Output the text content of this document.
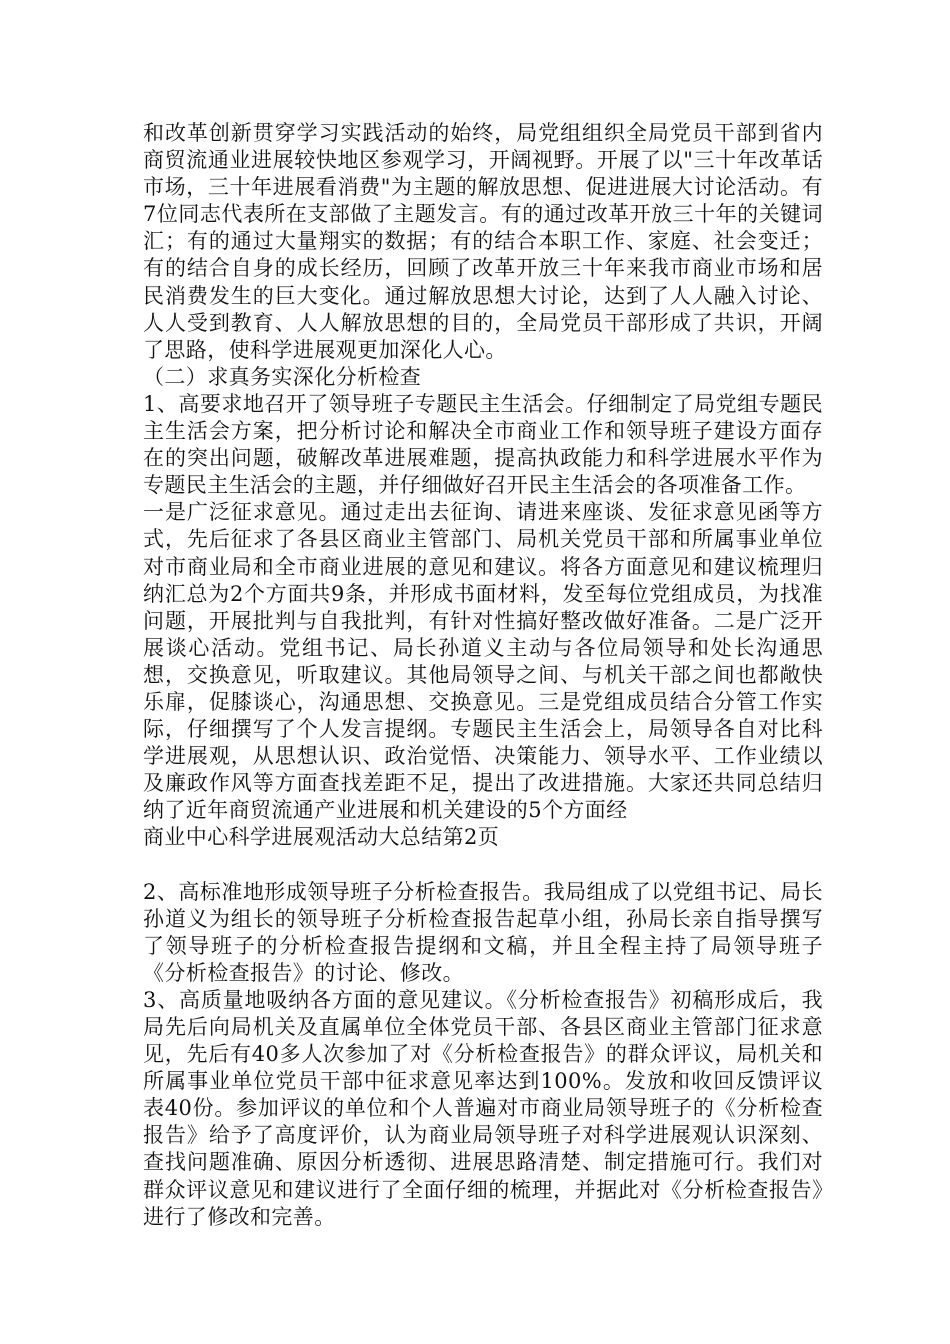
和改革创新贯穿学习实践活动的始终，局党组组织全局党员干部到省内商贸流通业进展较快地区参观学习，开阔视野。开展了以"三十年改革话市场，三十年进展看消费"为主题的解放思想、促进进展大讨论活动。有7位同志代表所在支部做了主题发言。有的通过改革开放三十年的关键词汇；有的通过大量翔实的数据；有的结合本职工作、家庭、社会变迁；有的结合自身的成长经历，回顾了改革开放三十年来我市商业市场和居民消费发生的巨大变化。通过解放思想大讨论，达到了人人融入讨论、人人受到教育、人人解放思想的目的，全局党员干部形成了共识，开阔了思路，使科学进展观更加深化人心。

（二）求真务实深化分析检查

1、高要求地召开了领导班子专题民主生活会。仔细制定了局党组专题民主生活会方案，把分析讨论和解决全市商业工作和领导班子建设方面存在的突出问题，破解改革进展难题，提高执政能力和科学进展水平作为专题民主生活会的主题，并仔细做好召开民主生活会的各项准备工作。

一是广泛征求意见。通过走出去征询、请进来座谈、发征求意见函等方式，先后征求了各县区商业主管部门、局机关党员干部和所属事业单位对市商业局和全市商业进展的意见和建议。将各方面意见和建议梳理归纳汇总为2个方面共9条，并形成书面材料，发至每位党组成员，为找准问题，开展批判与自我批判，有针对性搞好整改做好准备。二是广泛开展谈心活动。党组书记、局长孙道义主动与各位局领导和处长沟通思想，交换意见，听取建议。其他局领导之间、与机关干部之间也都敞快乐扉，促膝谈心，沟通思想、交换意见。三是党组成员结合分管工作实际，仔细撰写了个人发言提纲。专题民主生活会上，局领导各自对比科学进展观，从思想认识、政治觉悟、决策能力、领导水平、工作业绩以及廉政作风等方面查找差距不足，提出了改进措施。大家还共同总结归纳了近年商贸流通产业进展和机关建设的5个方面经

商业中心科学进展观活动大总结第2页

2、高标准地形成领导班子分析检查报告。我局组成了以党组书记、局长孙道义为组长的领导班子分析检查报告起草小组，孙局长亲自指导撰写了领导班子的分析检查报告提纲和文稿，并且全程主持了局领导班子《分析检查报告》的讨论、修改。

3、高质量地吸纳各方面的意见建议。《分析检查报告》初稿形成后，我局先后向局机关及直属单位全体党员干部、各县区商业主管部门征求意见，先后有40多人次参加了对《分析检查报告》的群众评议，局机关和所属事业单位党员干部中征求意见率达到100%。发放和收回反馈评议表40份。参加评议的单位和个人普遍对市商业局领导班子的《分析检查报告》给予了高度评价，认为商业局领导班子对科学进展观认识深刻、查找问题准确、原因分析透彻、进展思路清楚、制定措施可行。我们对群众评议意见和建议进行了全面仔细的梳理，并据此对《分析检查报告》进行了修改和完善。
